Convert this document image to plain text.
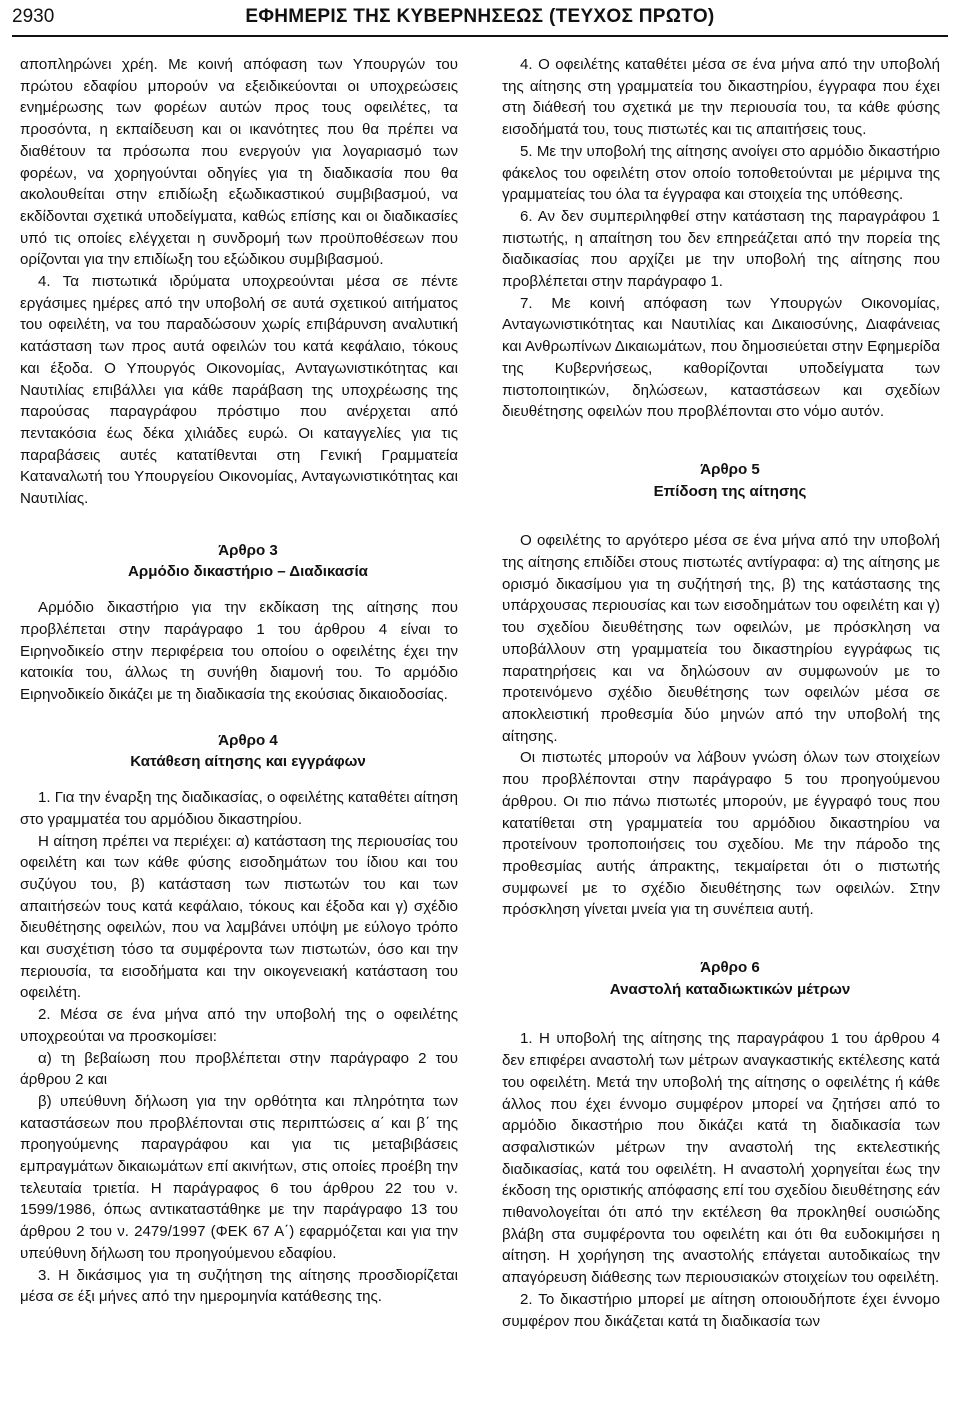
2930	ΕΦΗΜΕΡΙΣ ΤΗΣ ΚΥΒΕΡΝΗΣΕΩΣ (ΤΕΥΧΟΣ ΠΡΩΤΟ)

αποπληρώνει χρέη. Με κοινή απόφαση των Υπουργών του πρώτου εδαφίου μπορούν να εξειδικεύονται οι υποχρεώσεις ενημέρωσης των φορέων αυτών προς τους οφειλέτες, τα προσόντα, η εκπαίδευση και οι ικανότητες που θα πρέπει να διαθέτουν τα πρόσωπα που ενεργούν για λογαριασμό των φορέων, να χορηγούνται οδηγίες για τη διαδικασία που θα ακολουθείται στην επιδίωξη εξωδικαστικού συμβιβασμού, να εκδίδονται σχετικά υποδείγματα, καθώς επίσης και οι διαδικασίες υπό τις οποίες ελέγχεται η συνδρομή των προϋποθέσεων που ορίζονται για την επιδίωξη του εξώδικου συμβιβασμού.

4. Τα πιστωτικά ιδρύματα υποχρεούνται μέσα σε πέντε εργάσιμες ημέρες από την υποβολή σε αυτά σχετικού αιτήματος του οφειλέτη, να του παραδώσουν χωρίς επιβάρυνση αναλυτική κατάσταση των προς αυτά οφειλών του κατά κεφάλαιο, τόκους και έξοδα. Ο Υπουργός Οικονομίας, Ανταγωνιστικότητας και Ναυτιλίας επιβάλλει για κάθε παράβαση της υποχρέωσης της παρούσας παραγράφου πρόστιμο που ανέρχεται από πεντακόσια έως δέκα χιλιάδες ευρώ. Οι καταγγελίες για τις παραβάσεις αυτές κατατίθενται στη Γενική Γραμματεία Καταναλωτή του Υπουργείου Οικονομίας, Ανταγωνιστικότητας και Ναυτιλίας.

Άρθρο 3

Αρμόδιο δικαστήριο – Διαδικασία

Αρμόδιο δικαστήριο για την εκδίκαση της αίτησης που προβλέπεται στην παράγραφο 1 του άρθρου 4 είναι το Ειρηνοδικείο στην περιφέρεια του οποίου ο οφειλέτης έχει την κατοικία του, άλλως τη συνήθη διαμονή του. Το αρμόδιο Ειρηνοδικείο δικάζει με τη διαδικασία της εκούσιας δικαιοδοσίας.

Άρθρο 4

Κατάθεση αίτησης και εγγράφων

1. Για την έναρξη της διαδικασίας, ο οφειλέτης καταθέτει αίτηση στο γραμματέα του αρμόδιου δικαστηρίου.

Η αίτηση πρέπει να περιέχει: α) κατάσταση της περιουσίας του οφειλέτη και των κάθε φύσης εισοδημάτων του ίδιου και του συζύγου του, β) κατάσταση των πιστωτών του και των απαιτήσεών τους κατά κεφάλαιο, τόκους και έξοδα και γ) σχέδιο διευθέτησης οφειλών, που να λαμβάνει υπόψη με εύλογο τρόπο και συσχέτιση τόσο τα συμφέροντα των πιστωτών, όσο και την περιουσία, τα εισοδήματα και την οικογενειακή κατάσταση του οφειλέτη.

2. Μέσα σε ένα μήνα από την υποβολή της ο οφειλέτης υποχρεούται να προσκομίσει:

α) τη βεβαίωση που προβλέπεται στην παράγραφο 2 του άρθρου 2 και

β) υπεύθυνη δήλωση για την ορθότητα και πληρότητα των καταστάσεων που προβλέπονται στις περιπτώσεις α΄ και β΄ της προηγούμενης παραγράφου και για τις μεταβιβάσεις εμπραγμάτων δικαιωμάτων επί ακινήτων, στις οποίες προέβη την τελευταία τριετία. Η παράγραφος 6 του άρθρου 22 του ν. 1599/1986, όπως αντικαταστάθηκε με την παράγραφο 13 του άρθρου 2 του ν. 2479/1997 (ΦΕΚ 67 Α΄) εφαρμόζεται και για την υπεύθυνη δήλωση του προηγούμενου εδαφίου.

3. Η δικάσιμος για τη συζήτηση της αίτησης προσδιορίζεται μέσα σε έξι μήνες από την ημερομηνία κατάθεσης της.

4. Ο οφειλέτης καταθέτει μέσα σε ένα μήνα από την υποβολή της αίτησης στη γραμματεία του δικαστηρίου, έγγραφα που έχει στη διάθεσή του σχετικά με την περιουσία του, τα κάθε φύσης εισοδήματά του, τους πιστωτές και τις απαιτήσεις τους.

5. Με την υποβολή της αίτησης ανοίγει στο αρμόδιο δικαστήριο φάκελος του οφειλέτη στον οποίο τοποθετούνται με μέριμνα της γραμματείας του όλα τα έγγραφα και στοιχεία της υπόθεσης.

6. Αν δεν συμπεριληφθεί στην κατάσταση της παραγράφου 1 πιστωτής, η απαίτηση του δεν επηρεάζεται από την πορεία της διαδικασίας που αρχίζει με την υποβολή της αίτησης που προβλέπεται στην παράγραφο 1.

7. Με κοινή απόφαση των Υπουργών Οικονομίας, Ανταγωνιστικότητας και Ναυτιλίας και Δικαιοσύνης, Διαφάνειας και Ανθρωπίνων Δικαιωμάτων, που δημοσιεύεται στην Εφημερίδα της Κυβερνήσεως, καθορίζονται υποδείγματα των πιστοποιητικών, δηλώσεων, καταστάσεων και σχεδίων διευθέτησης οφειλών που προβλέπονται στο νόμο αυτόν.

Άρθρο 5

Επίδοση της αίτησης

Ο οφειλέτης το αργότερο μέσα σε ένα μήνα από την υποβολή της αίτησης επιδίδει στους πιστωτές αντίγραφα: α) της αίτησης με ορισμό δικασίμου για τη συζήτησή της, β) της κατάστασης της υπάρχουσας περιουσίας και των εισοδημάτων του οφειλέτη και γ) του σχεδίου διευθέτησης των οφειλών, με πρόσκληση να υποβάλλουν στη γραμματεία του δικαστηρίου εγγράφως τις παρατηρήσεις και να δηλώσουν αν συμφωνούν με το προτεινόμενο σχέδιο διευθέτησης των οφειλών μέσα σε αποκλειστική προθεσμία δύο μηνών από την υποβολή της αίτησης.

Οι πιστωτές μπορούν να λάβουν γνώση όλων των στοιχείων που προβλέπονται στην παράγραφο 5 του προηγούμενου άρθρου. Οι πιο πάνω πιστωτές μπορούν, με έγγραφό τους που κατατίθεται στη γραμματεία του αρμόδιου δικαστηρίου να προτείνουν τροποποιήσεις του σχεδίου. Με την πάροδο της προθεσμίας αυτής άπρακτης, τεκμαίρεται ότι ο πιστωτής συμφωνεί με το σχέδιο διευθέτησης των οφειλών. Στην πρόσκληση γίνεται μνεία για τη συνέπεια αυτή.

Άρθρο 6

Αναστολή καταδιωκτικών μέτρων

1. Η υποβολή της αίτησης της παραγράφου 1 του άρθρου 4 δεν επιφέρει αναστολή των μέτρων αναγκαστικής εκτέλεσης κατά του οφειλέτη. Μετά την υποβολή της αίτησης ο οφειλέτης ή κάθε άλλος που έχει έννομο συμφέρον μπορεί να ζητήσει από το αρμόδιο δικαστήριο που δικάζει κατά τη διαδικασία των ασφαλιστικών μέτρων την αναστολή της εκτελεστικής διαδικασίας, κατά του οφειλέτη. Η αναστολή χορηγείται έως την έκδοση της οριστικής απόφασης επί του σχεδίου διευθέτησης εάν πιθανολογείται ότι από την εκτέλεση θα προκληθεί ουσιώδης βλάβη στα συμφέροντα του οφειλέτη και ότι θα ευδοκιμήσει η αίτηση. Η χορήγηση της αναστολής επάγεται αυτοδικαίως την απαγόρευση διάθεσης των περιουσιακών στοιχείων του οφειλέτη.

2. Το δικαστήριο μπορεί με αίτηση οποιουδήποτε έχει έννομο συμφέρον που δικάζεται κατά τη διαδικασία των
